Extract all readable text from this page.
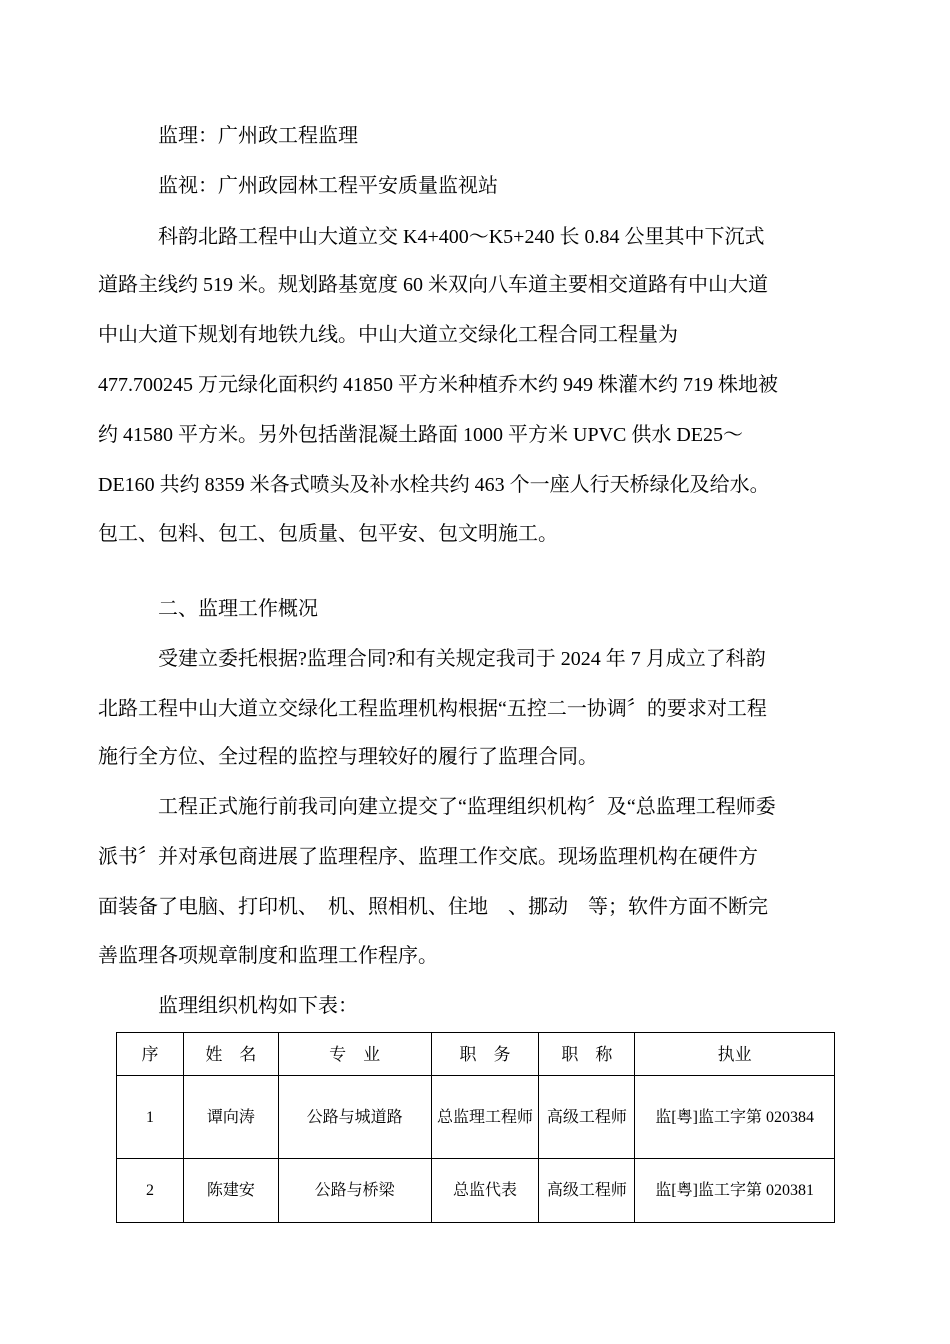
监理：广州政工程监理
监视：广州政园林工程平安质量监视站
科韵北路工程中山大道立交 K4+400～K5+240 长 0.84 公里其中下沉式
道路主线约 519 米。规划路基宽度 60 米双向八车道主要相交道路有中山大道
中山大道下规划有地铁九线。中山大道立交绿化工程合同工程量为
477.700245 万元绿化面积约 41850 平方米种植乔木约 949 株灌木约 719 株地被
约 41580 平方米。另外包括凿混凝土路面 1000 平方米 UPVC 供水 DE25～
DE160 共约 8359 米各式喷头及补水栓共约 463 个一座人行天桥绿化及给水。
包工、包料、包工、包质量、包平安、包文明施工。
二、监理工作概况
受建立委托根据?监理合同?和有关规定我司于 2024 年 7 月成立了科韵
北路工程中山大道立交绿化工程监理机构根据“五控二一协调〞的要求对工程
施行全方位、全过程的监控与理较好的履行了监理合同。
工程正式施行前我司向建立提交了“监理组织机构〞及“总监理工程师委
派书〞并对承包商进展了监理程序、监理工作交底。现场监理机构在硬件方
面装备了电脑、打印机、　机、照相机、住地　、挪动　等；软件方面不断完
善监理各项规章制度和监理工作程序。
监理组织机构如下表：
序	姓　名	专　业	职　务	职　称	执业
1	谭向涛	公路与城道路	总监理工程师	高级工程师	监[粤]监工字第 020384
2	陈建安	公路与桥梁	总监代表	高级工程师	监[粤]监工字第 020381
